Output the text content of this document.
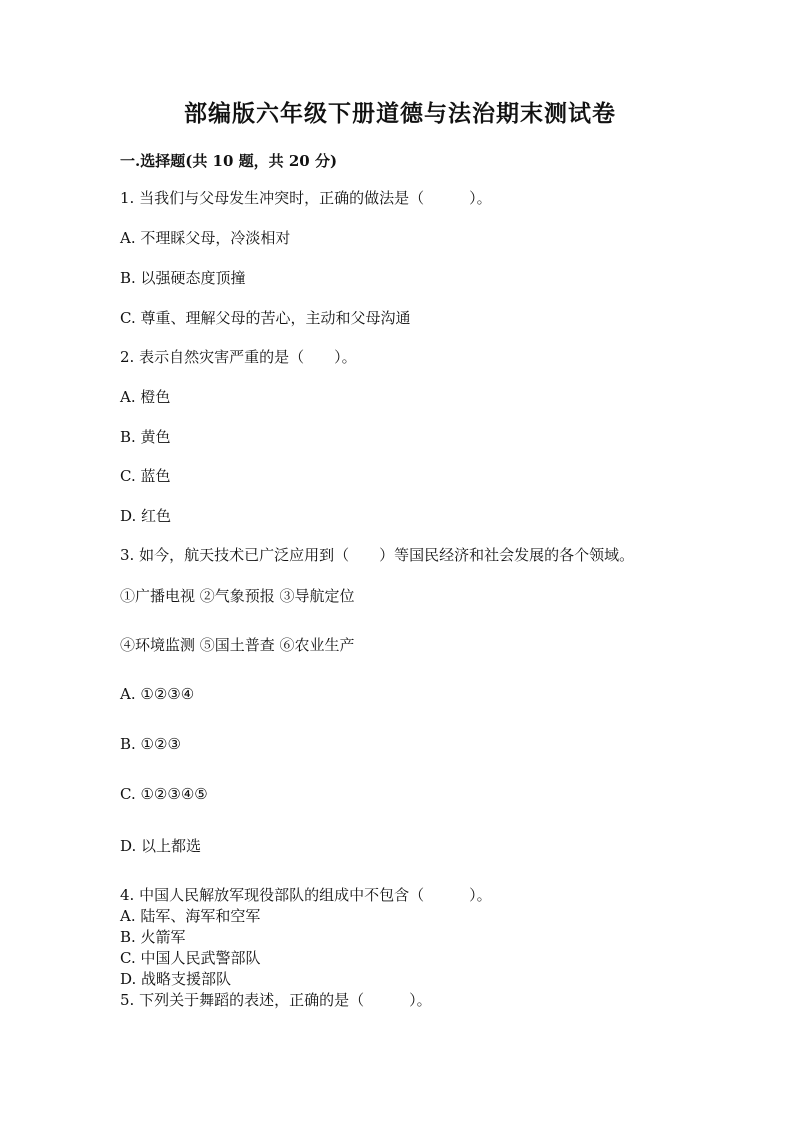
部编版六年级下册道德与法治期末测试卷
一.选择题(共 10 题，共 20 分)
1. 当我们与父母发生冲突时，正确的做法是（　　　）。
A. 不理睬父母，冷淡相对
B. 以强硬态度顶撞
C. 尊重、理解父母的苦心，主动和父母沟通
2. 表示自然灾害严重的是（　　）。
A. 橙色
B. 黄色
C. 蓝色
D. 红色
3. 如今，航天技术已广泛应用到（　　）等国民经济和社会发展的各个领域。
①广播电视 ②气象预报 ③导航定位
④环境监测 ⑤国土普查 ⑥农业生产
A. ①②③④
B. ①②③
C. ①②③④⑤
D. 以上都选
4. 中国人民解放军现役部队的组成中不包含（　　　）。
A. 陆军、海军和空军
B. 火箭军
C. 中国人民武警部队
D. 战略支援部队
5. 下列关于舞蹈的表述，正确的是（　　　）。
